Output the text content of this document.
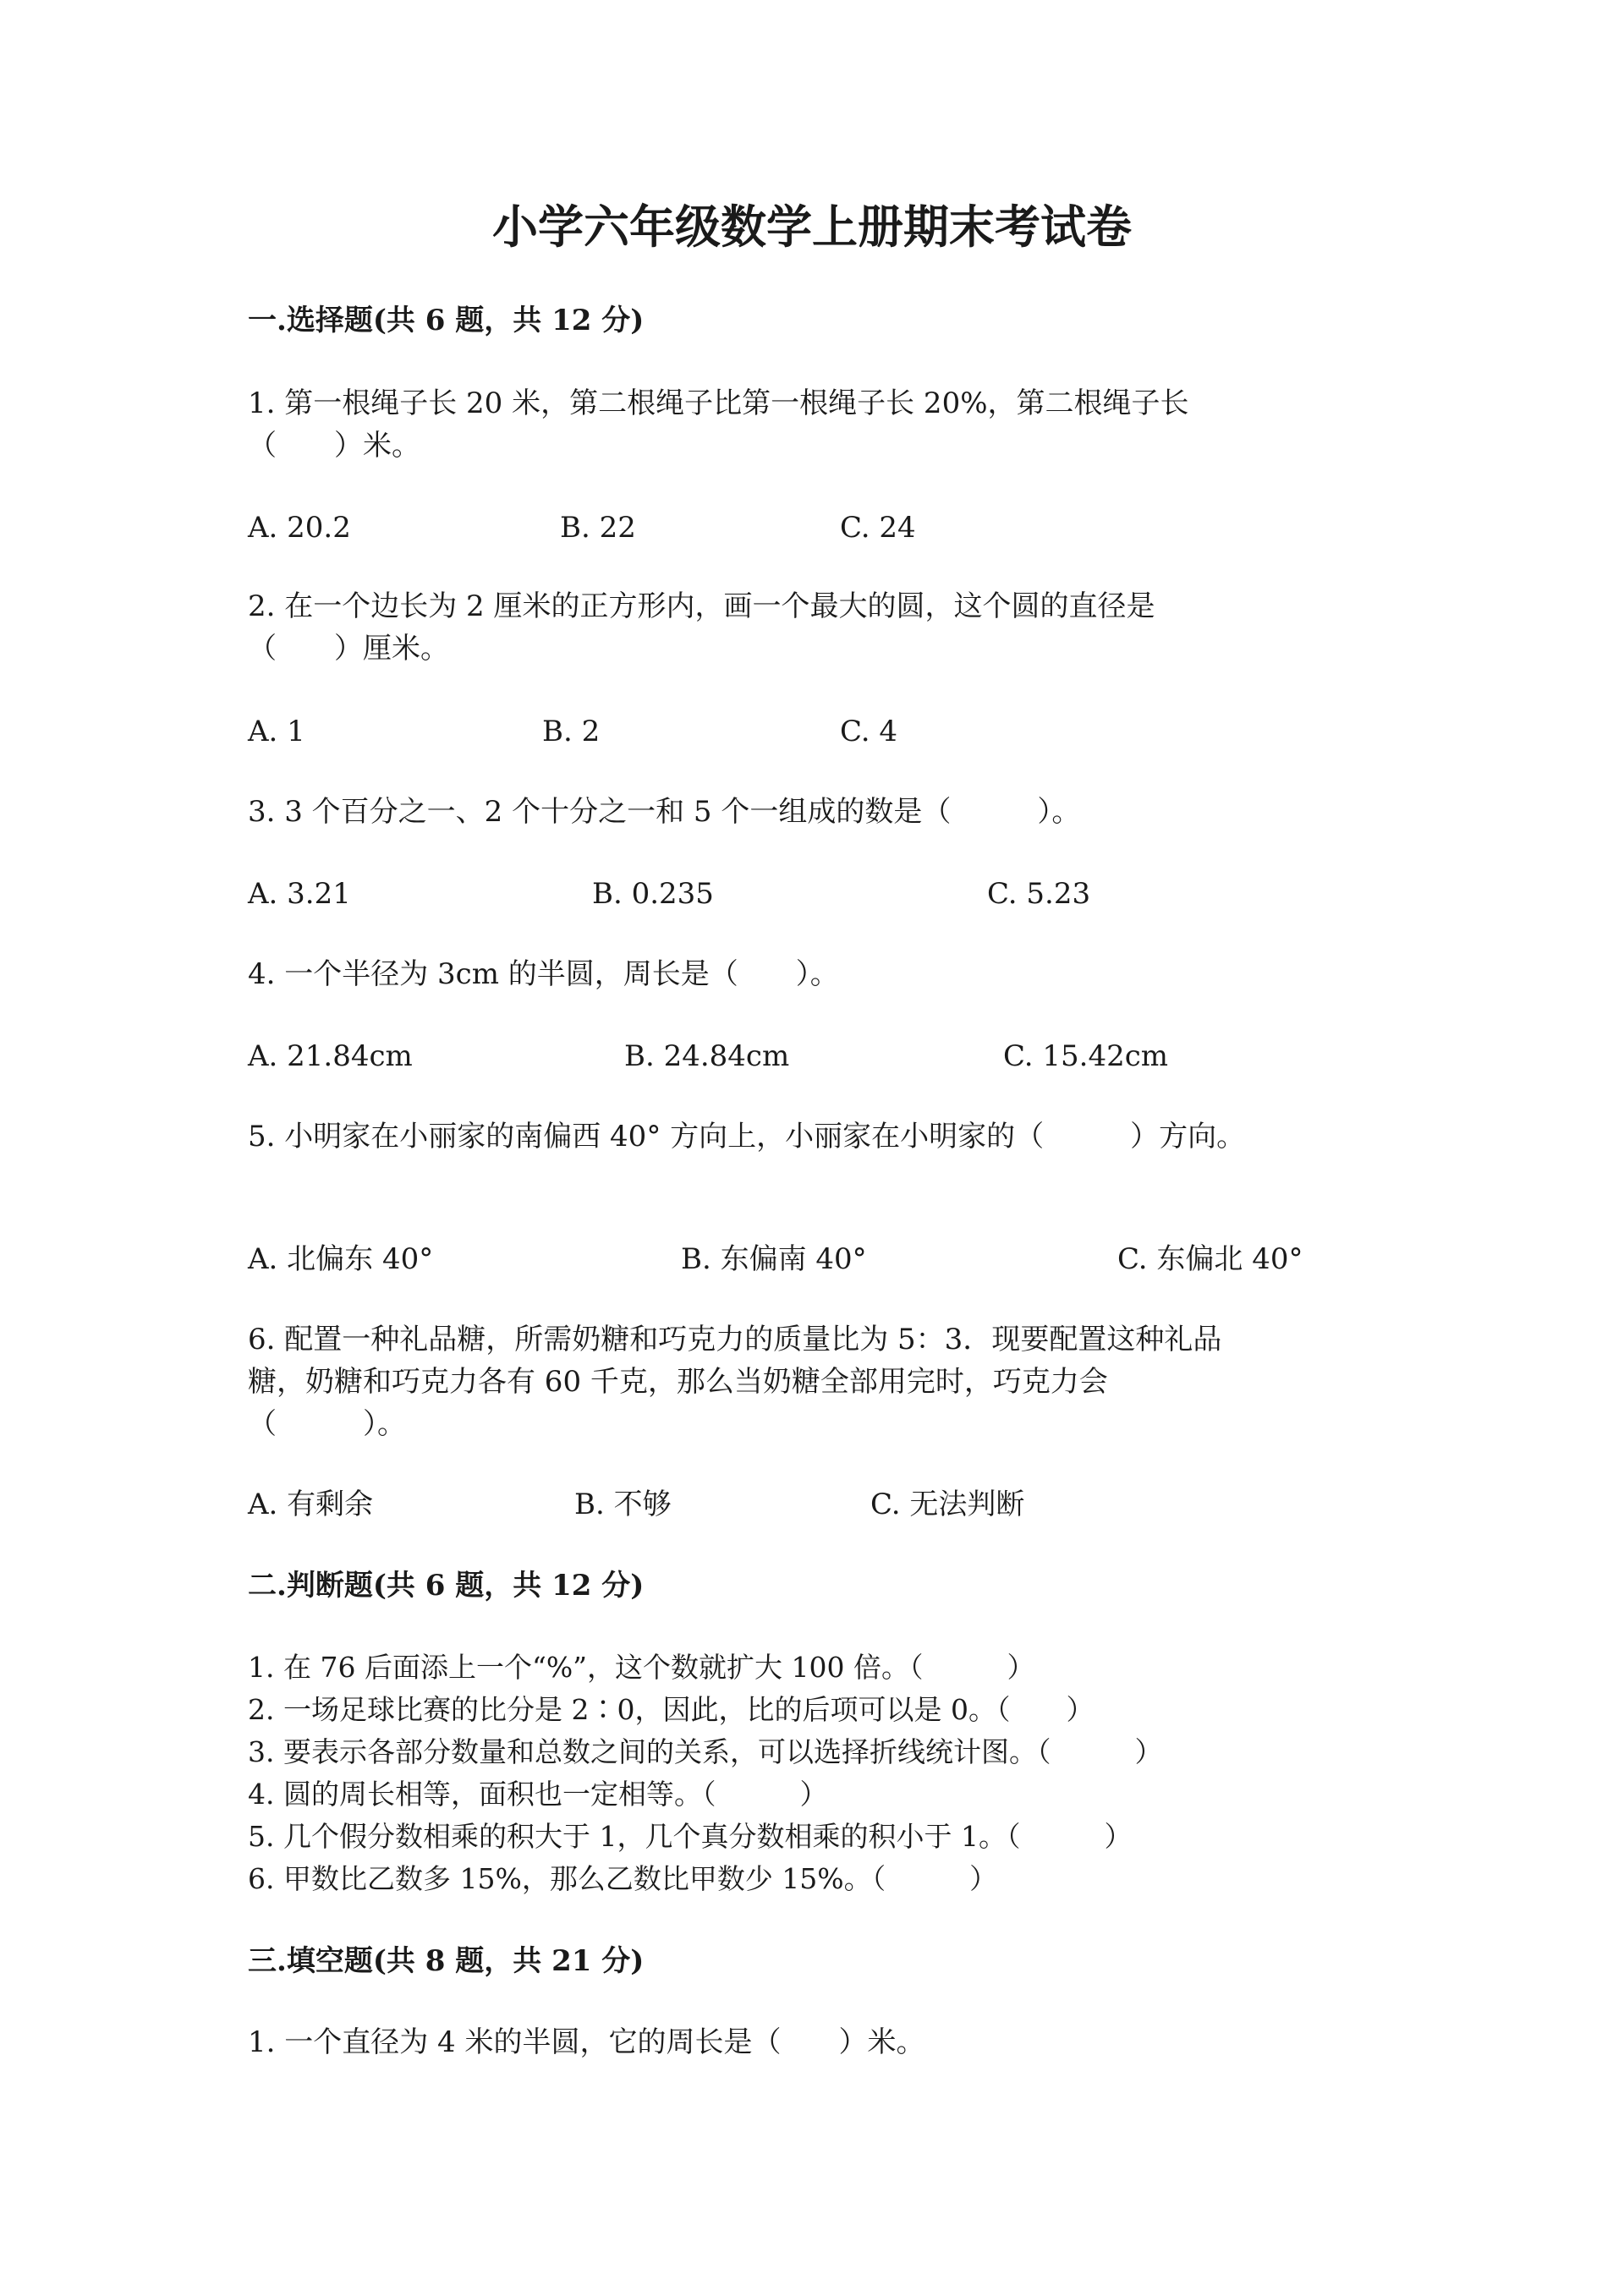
小学六年级数学上册期末考试卷
一.选择题(共 6 题，共 12 分)
1. 第一根绳子长 20 米，第二根绳子比第一根绳子长 20%，第二根绳子长
（　　）米。
A. 20.2	B. 22	C. 24
2. 在一个边长为 2 厘米的正方形内，画一个最大的圆，这个圆的直径是
（　　）厘米。
A. 1	B. 2	C. 4
3. 3 个百分之一、2 个十分之一和 5 个一组成的数是（　　　）。
A. 3.21	B. 0.235	C. 5.23
4. 一个半径为 3cm 的半圆，周长是（　　）。
A. 21.84cm	B. 24.84cm	C. 15.42cm
5. 小明家在小丽家的南偏西 40° 方向上，小丽家在小明家的（　　　）方向。
A. 北偏东 40°	B. 东偏南 40°	C. 东偏北 40°
6. 配置一种礼品糖，所需奶糖和巧克力的质量比为 5：3．现要配置这种礼品
糖，奶糖和巧克力各有 60 千克，那么当奶糖全部用完时，巧克力会
（　　　）。
A. 有剩余	B. 不够	C. 无法判断
二.判断题(共 6 题，共 12 分)
1. 在 76 后面添上一个“%”，这个数就扩大 100 倍。（　　　）
2. 一场足球比赛的比分是 2∶0，因此，比的后项可以是 0。（　　）
3. 要表示各部分数量和总数之间的关系，可以选择折线统计图。（　　　）
4. 圆的周长相等，面积也一定相等。（　　　）
5. 几个假分数相乘的积大于 1，几个真分数相乘的积小于 1。（　　　）
6. 甲数比乙数多 15%，那么乙数比甲数少 15%。（　　　）
三.填空题(共 8 题，共 21 分)
1. 一个直径为 4 米的半圆，它的周长是（　　）米。
